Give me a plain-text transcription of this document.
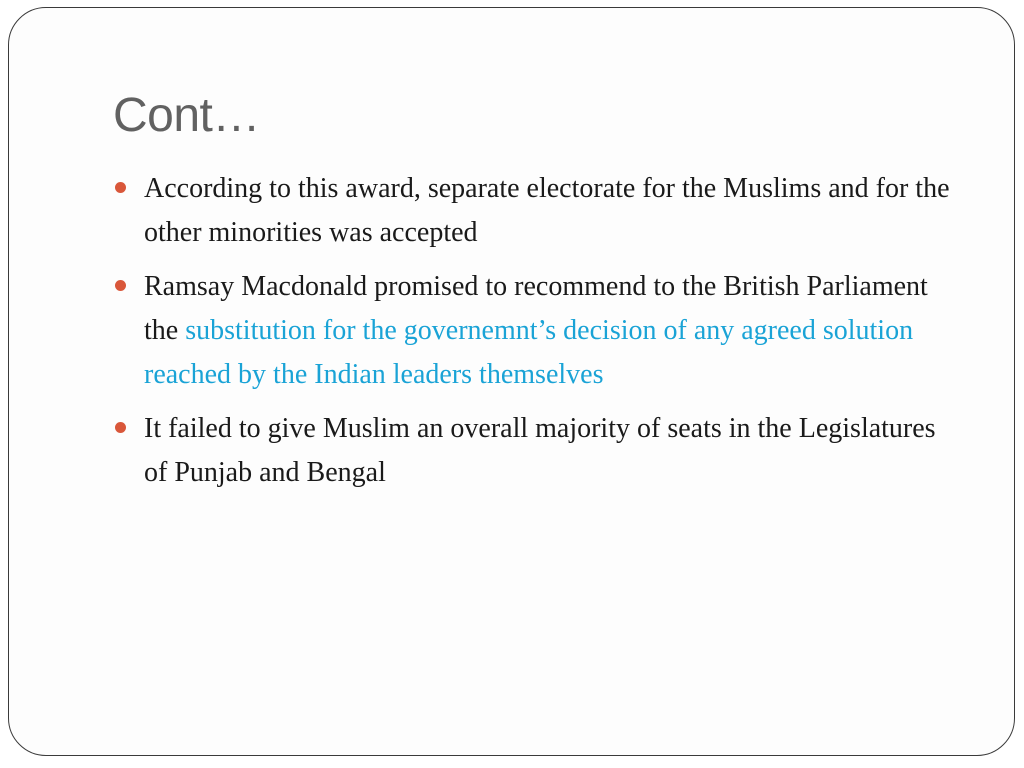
Cont…
According to this award, separate electorate for the Muslims and for the other minorities was accepted
Ramsay Macdonald promised to recommend to the British Parliament the substitution for the governemnt’s decision of any agreed solution reached by the Indian leaders themselves
It failed to give Muslim an overall majority of seats in the Legislatures of Punjab and Bengal
